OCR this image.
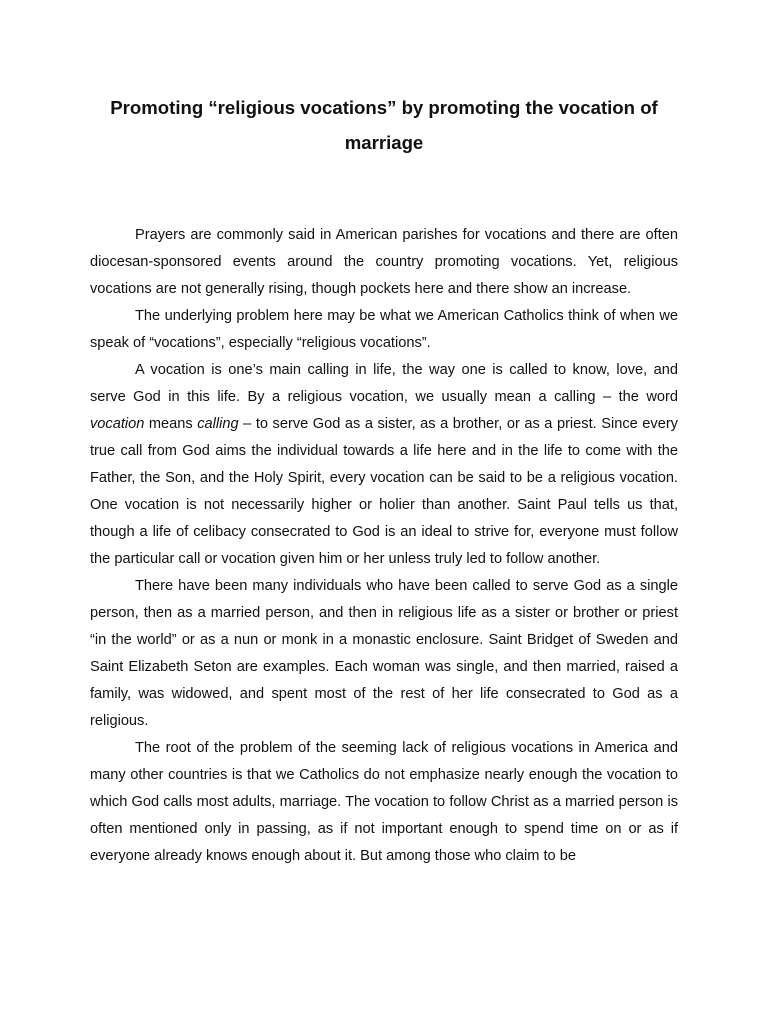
Promoting “religious vocations” by promoting the vocation of marriage

Prayers are commonly said in American parishes for vocations and there are often diocesan-sponsored events around the country promoting vocations. Yet, religious vocations are not generally rising, though pockets here and there show an increase.

The underlying problem here may be what we American Catholics think of when we speak of “vocations”, especially “religious vocations”.

A vocation is one’s main calling in life, the way one is called to know, love, and serve God in this life. By a religious vocation, we usually mean a calling – the word vocation means calling – to serve God as a sister, as a brother, or as a priest. Since every true call from God aims the individual towards a life here and in the life to come with the Father, the Son, and the Holy Spirit, every vocation can be said to be a religious vocation. One vocation is not necessarily higher or holier than another. Saint Paul tells us that, though a life of celibacy consecrated to God is an ideal to strive for, everyone must follow the particular call or vocation given him or her unless truly led to follow another.

There have been many individuals who have been called to serve God as a single person, then as a married person, and then in religious life as a sister or brother or priest “in the world” or as a nun or monk in a monastic enclosure. Saint Bridget of Sweden and Saint Elizabeth Seton are examples. Each woman was single, and then married, raised a family, was widowed, and spent most of the rest of her life consecrated to God as a religious.

The root of the problem of the seeming lack of religious vocations in America and many other countries is that we Catholics do not emphasize nearly enough the vocation to which God calls most adults, marriage. The vocation to follow Christ as a married person is often mentioned only in passing, as if not important enough to spend time on or as if everyone already knows enough about it. But among those who claim to be
